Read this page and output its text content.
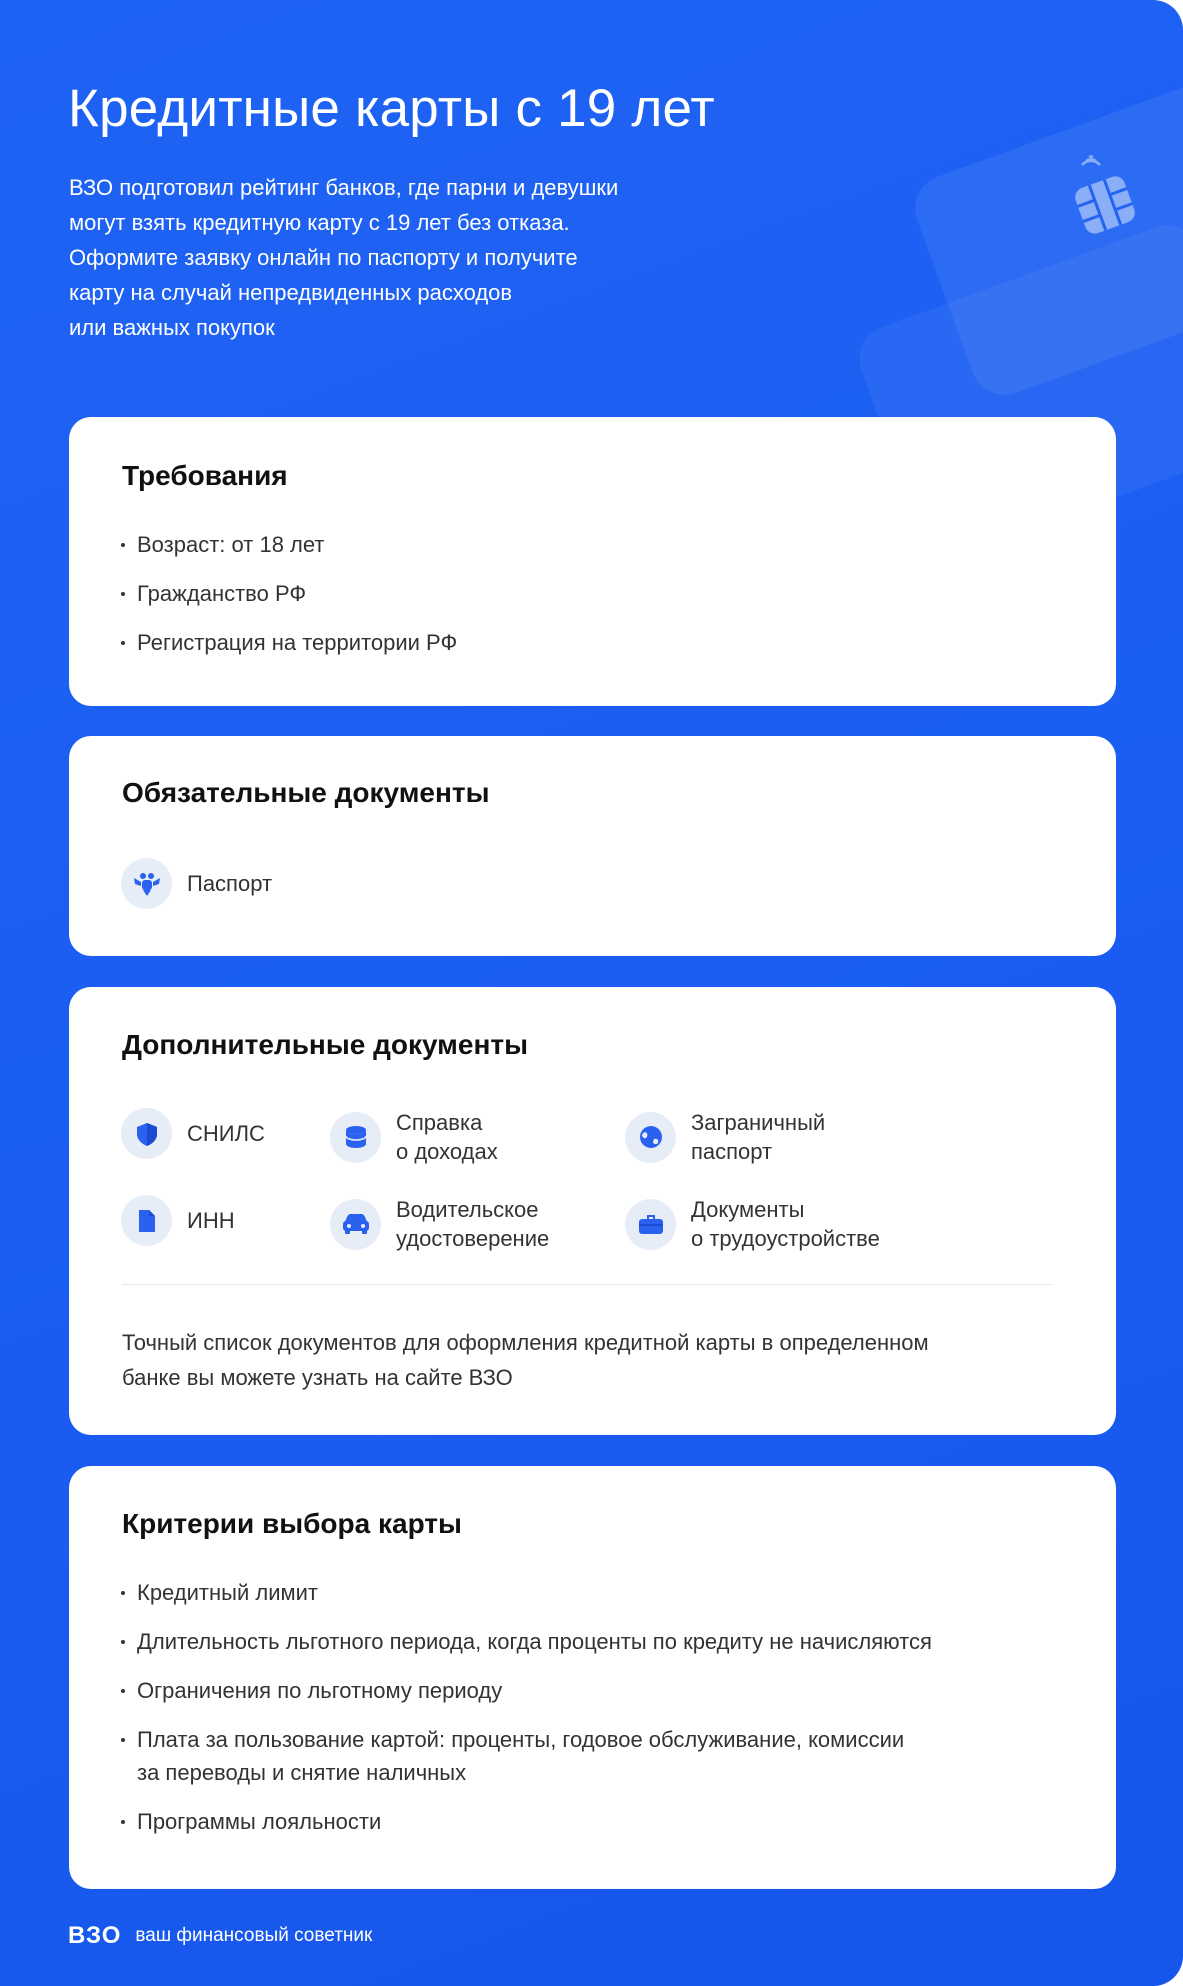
Кредитные карты с 19 лет
ВЗО подготовил рейтинг банков, где парни и девушки
могут взять кредитную карту с 19 лет без отказа.
Оформите заявку онлайн по паспорту и получите
карту на случай непредвиденных расходов
или важных покупок
Требования
Возраст: от 18 лет
Гражданство РФ
Регистрация на территории РФ
Обязательные документы
Паспорт
Дополнительные документы
СНИЛС	Справка
о доходах
Заграничный
паспорт
ИНН	Водительское
удостоверение
Документы
о трудоустройстве
Точный список документов для оформления кредитной карты в определенном
банке вы можете узнать на сайте ВЗО
Критерии выбора карты
Кредитный лимит
Длительность льготного периода, когда проценты по кредиту не начисляются
Ограничения по льготному периоду
Плата за пользование картой: проценты, годовое обслуживание, комиссии
за переводы и снятие наличных
Программы лояльности
ВЗО ваш финансовый советник
